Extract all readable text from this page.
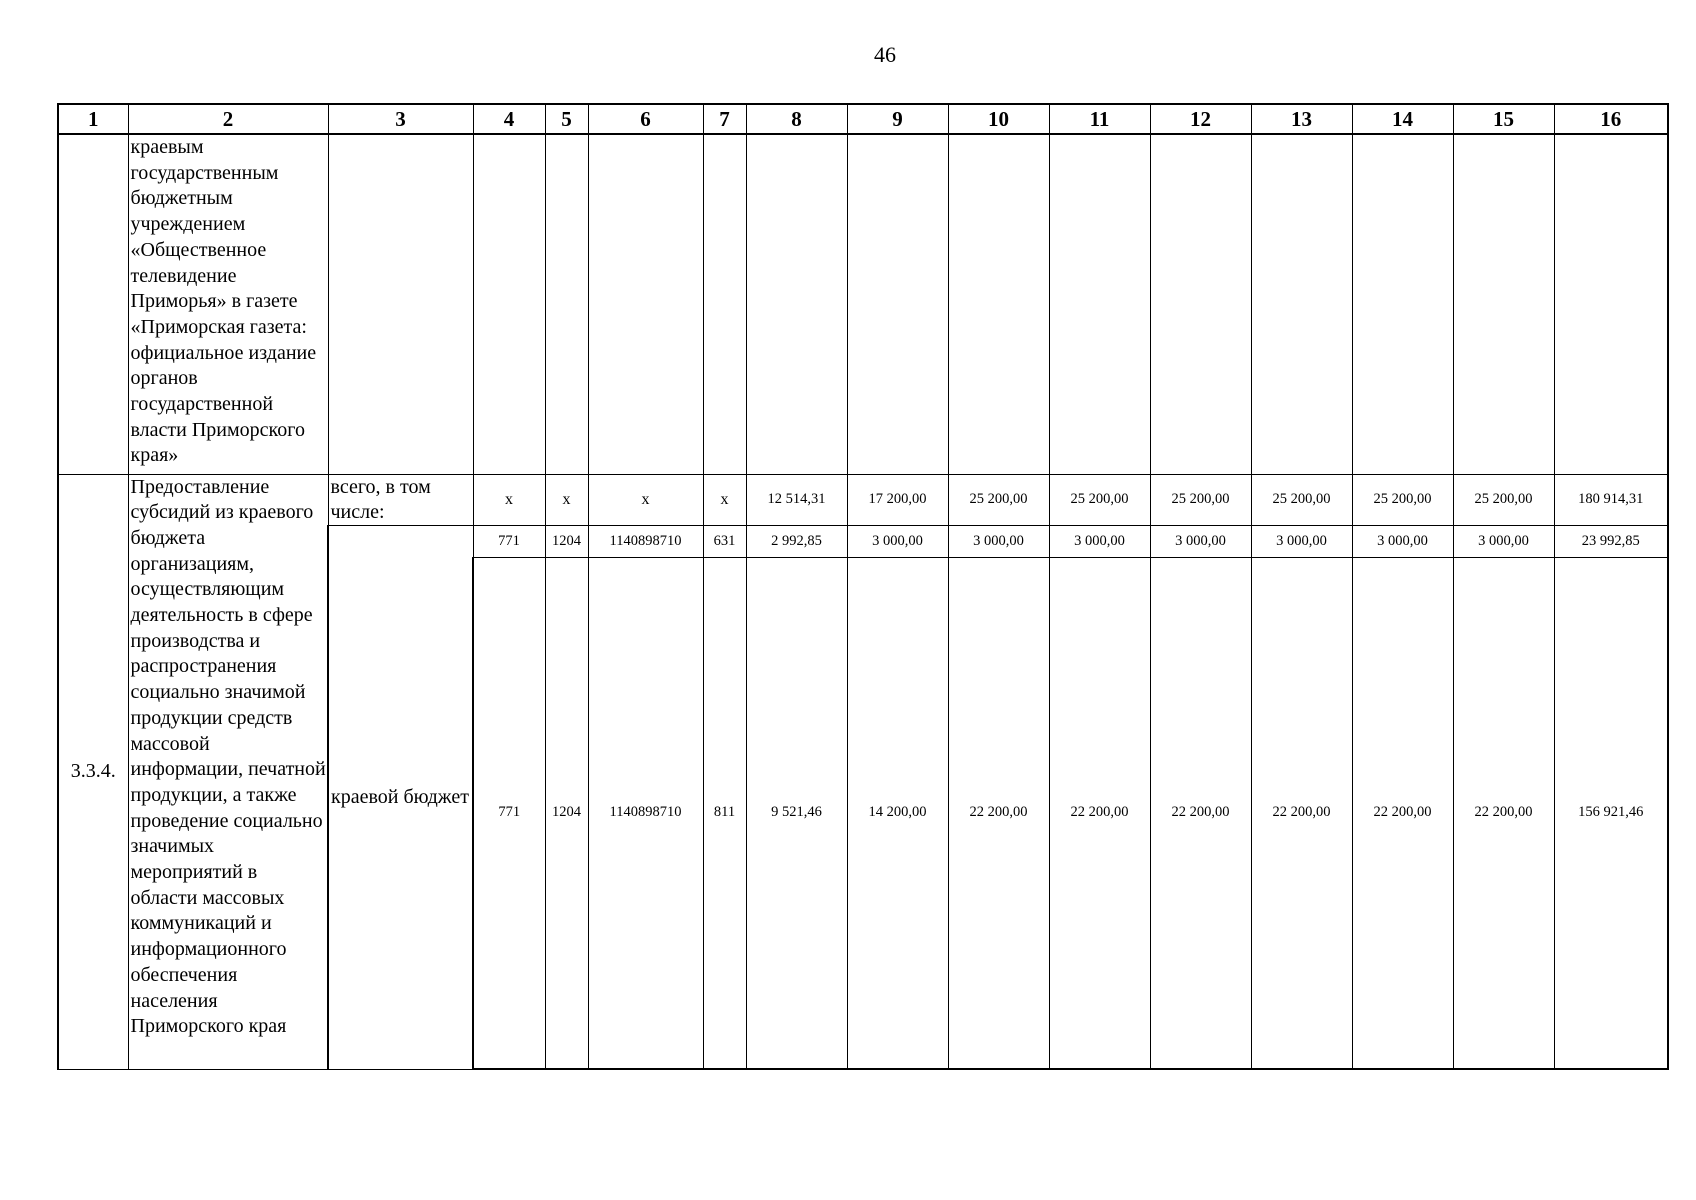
46
1	2	3	4	5	6	7	8	9	10	11	12	13	14	15	16
	краевым государственным бюджетным учреждением «Общественное телевидение Приморья» в газете «Приморская газета: официальное издание органов государственной власти Приморского края»														
3.3.4.	Предоставление субсидий из краевого бюджета организациям, осуществляющим деятельность в сфере производства и распространения социально значимой продукции средств массовой информации, печатной продукции, а также проведение социально значимых мероприятий в области массовых коммуникаций и информационного обеспечения населения Приморского края	всего, в том числе:	х	х	х	х	12 514,31	17 200,00	25 200,00	25 200,00	25 200,00	25 200,00	25 200,00	25 200,00	180 914,31
		краевой бюджет	771	1204	1140898710	631	2 992,85	3 000,00	3 000,00	3 000,00	3 000,00	3 000,00	3 000,00	3 000,00	23 992,85
			771	1204	1140898710	811	9 521,46	14 200,00	22 200,00	22 200,00	22 200,00	22 200,00	22 200,00	22 200,00	156 921,46
